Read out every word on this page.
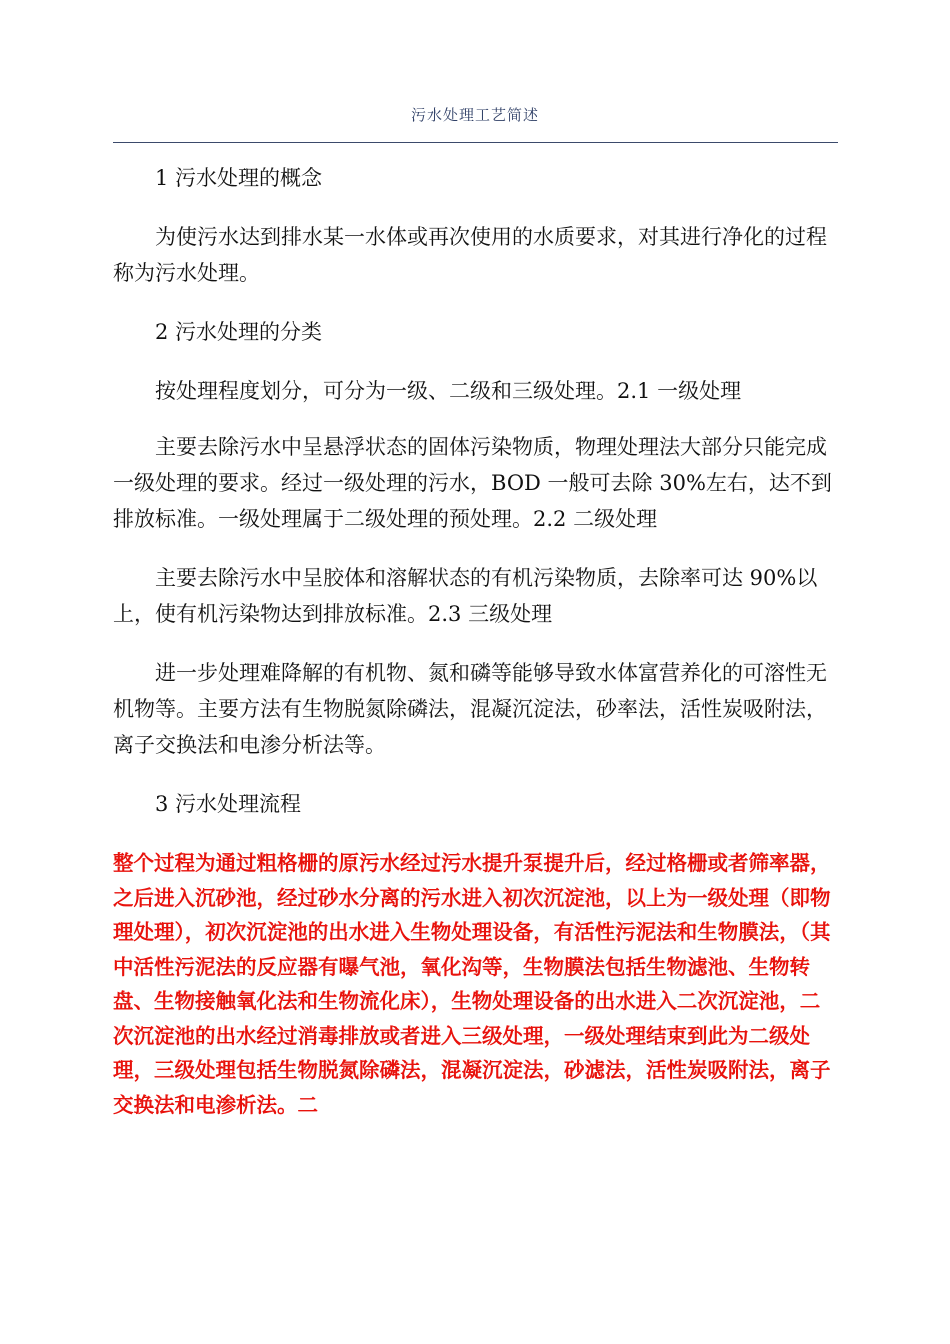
污水处理工艺简述

1 污水处理的概念

为使污水达到排水某一水体或再次使用的水质要求，对其进行净化的过程称为污水处理。

2 污水处理的分类

按处理程度划分，可分为一级、二级和三级处理。2.1 一级处理

主要去除污水中呈悬浮状态的固体污染物质，物理处理法大部分只能完成一级处理的要求。经过一级处理的污水，BOD 一般可去除 30%左右，达不到排放标准。一级处理属于二级处理的预处理。2.2 二级处理

主要去除污水中呈胶体和溶解状态的有机污染物质，去除率可达 90%以上，使有机污染物达到排放标准。2.3 三级处理

进一步处理难降解的有机物、氮和磷等能够导致水体富营养化的可溶性无机物等。主要方法有生物脱氮除磷法，混凝沉淀法，砂率法，活性炭吸附法，离子交换法和电渗分析法等。

3 污水处理流程

整个过程为通过粗格栅的原污水经过污水提升泵提升后，经过格栅或者筛率器，之后进入沉砂池，经过砂水分离的污水进入初次沉淀池，以上为一级处理（即物理处理），初次沉淀池的出水进入生物处理设备，有活性污泥法和生物膜法，（其中活性污泥法的反应器有曝气池，氧化沟等，生物膜法包括生物滤池、生物转盘、生物接触氧化法和生物流化床），生物处理设备的出水进入二次沉淀池，二次沉淀池的出水经过消毒排放或者进入三级处理，一级处理结束到此为二级处理，三级处理包括生物脱氮除磷法，混凝沉淀法，砂滤法，活性炭吸附法，离子交换法和电渗析法。二
